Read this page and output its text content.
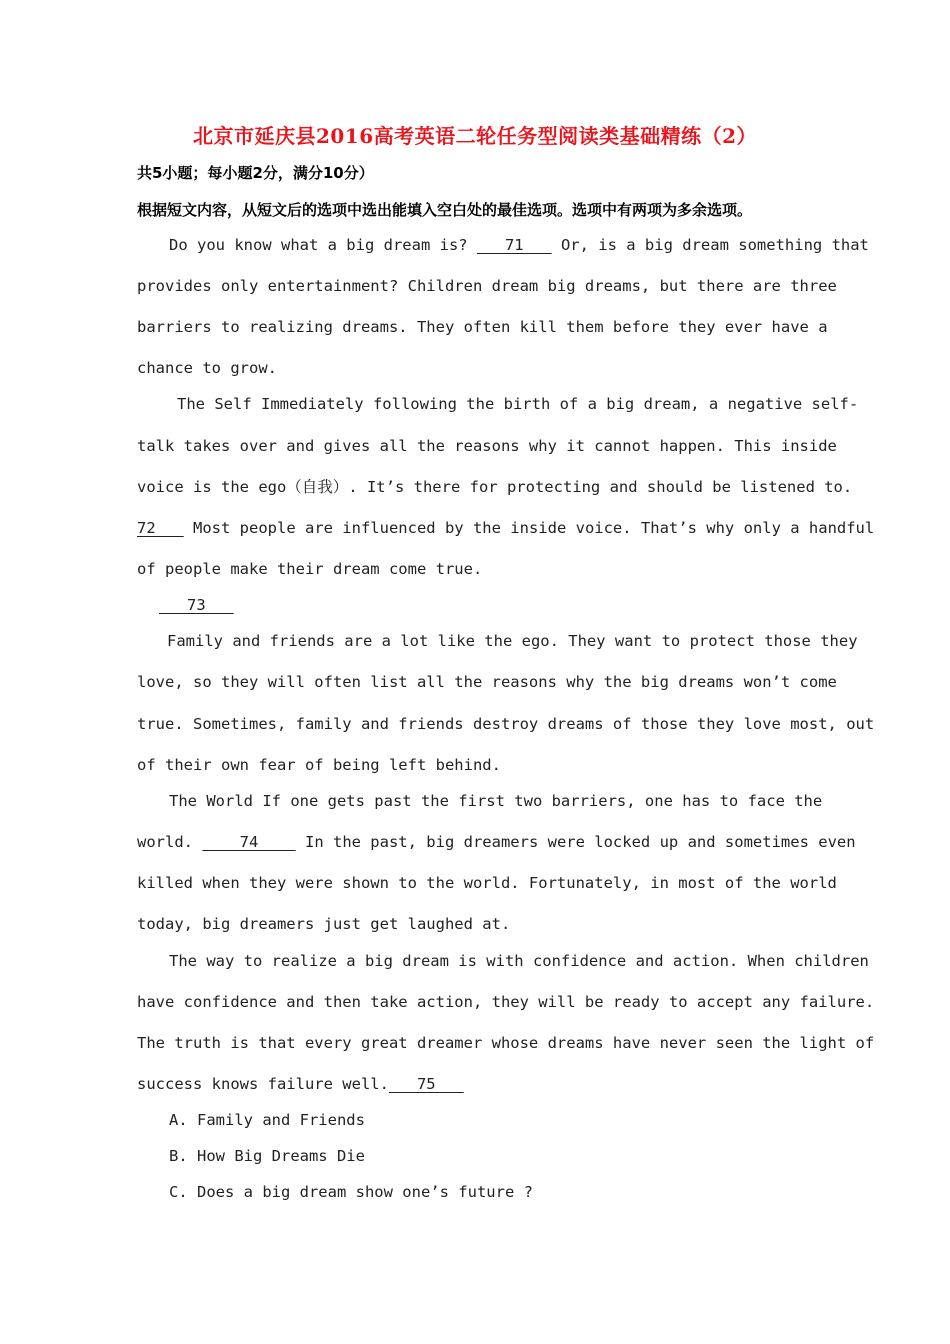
北京市延庆县2016高考英语二轮任务型阅读类基础精练（2）
共5小题；每小题2分，满分10分）
根据短文内容，从短文后的选项中选出能填入空白处的最佳选项。选项中有两项为多余选项。
Do you know what a big dream is?    71    Or, is a big dream something that
provides only entertainment? Children dream big dreams, but there are three
barriers to realizing dreams. They often kill them before they ever have a
chance to grow.
The Self Immediately following the birth of a big dream, a negative self-
talk takes over and gives all the reasons why it cannot happen. This inside
voice is the ego（自我）. It’s there for protecting and should be listened to.
72    Most people are influenced by the inside voice. That’s why only a handful
of people make their dream come true.
73
Family and friends are a lot like the ego. They want to protect those they
love, so they will often list all the reasons why the big dreams won’t come
true. Sometimes, family and friends destroy dreams of those they love most, out
of their own fear of being left behind.
The World If one gets past the first two barriers, one has to face the
world.     74     In the past, big dreamers were locked up and sometimes even
killed when they were shown to the world. Fortunately, in most of the world
today, big dreamers just get laughed at.
The way to realize a big dream is with confidence and action. When children
have confidence and then take action, they will be ready to accept any failure.
The truth is that every great dreamer whose dreams have never seen the light of
success knows failure well.   75
A. Family and Friends
B. How Big Dreams Die
C. Does a big dream show one’s future ?
